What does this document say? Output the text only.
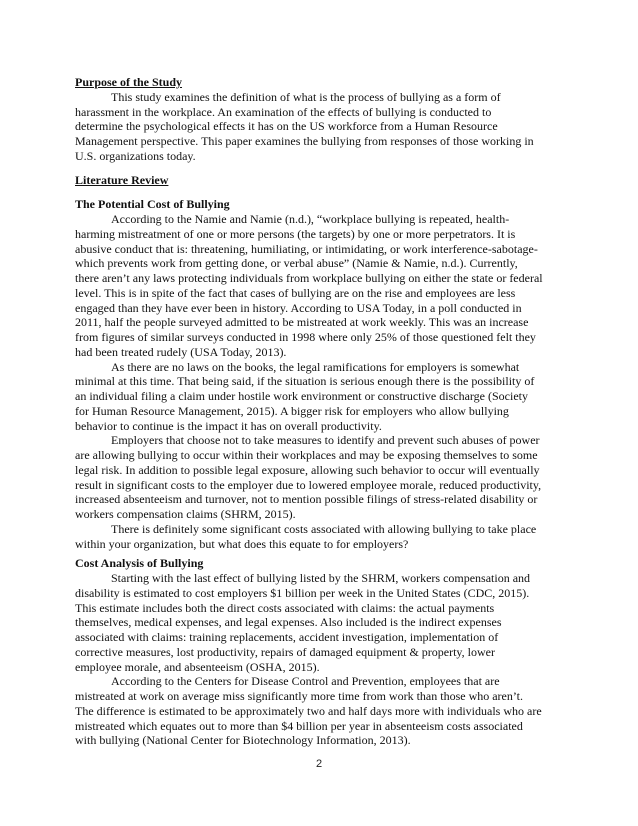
Purpose of the Study
This study examines the definition of what is the process of bullying as a form of
harassment in the workplace. An examination of the effects of bullying is conducted to
determine the psychological effects it has on the US workforce from a Human Resource
Management perspective. This paper examines the bullying from responses of those working in
U.S. organizations today.
Literature Review
The Potential Cost of Bullying
According to the Namie and Namie (n.d.), “workplace bullying is repeated, health-
harming mistreatment of one or more persons (the targets) by one or more perpetrators. It is
abusive conduct that is: threatening, humiliating, or intimidating, or work interference-sabotage-
which prevents work from getting done, or verbal abuse” (Namie & Namie, n.d.). Currently,
there aren’t any laws protecting individuals from workplace bullying on either the state or federal
level. This is in spite of the fact that cases of bullying are on the rise and employees are less
engaged than they have ever been in history. According to USA Today, in a poll conducted in
2011, half the people surveyed admitted to be mistreated at work weekly. This was an increase
from figures of similar surveys conducted in 1998 where only 25% of those questioned felt they
had been treated rudely (USA Today, 2013).
As there are no laws on the books, the legal ramifications for employers is somewhat
minimal at this time. That being said, if the situation is serious enough there is the possibility of
an individual filing a claim under hostile work environment or constructive discharge (Society
for Human Resource Management, 2015). A bigger risk for employers who allow bullying
behavior to continue is the impact it has on overall productivity.
Employers that choose not to take measures to identify and prevent such abuses of power
are allowing bullying to occur within their workplaces and may be exposing themselves to some
legal risk. In addition to possible legal exposure, allowing such behavior to occur will eventually
result in significant costs to the employer due to lowered employee morale, reduced productivity,
increased absenteeism and turnover, not to mention possible filings of stress-related disability or
workers compensation claims (SHRM, 2015).
There is definitely some significant costs associated with allowing bullying to take place
within your organization, but what does this equate to for employers?
Cost Analysis of Bullying
Starting with the last effect of bullying listed by the SHRM, workers compensation and
disability is estimated to cost employers $1 billion per week in the United States (CDC, 2015).
This estimate includes both the direct costs associated with claims: the actual payments
themselves, medical expenses, and legal expenses. Also included is the indirect expenses
associated with claims: training replacements, accident investigation, implementation of
corrective measures, lost productivity, repairs of damaged equipment & property, lower
employee morale, and absenteeism (OSHA, 2015).
According to the Centers for Disease Control and Prevention, employees that are
mistreated at work on average miss significantly more time from work than those who aren’t.
The difference is estimated to be approximately two and half days more with individuals who are
mistreated which equates out to more than $4 billion per year in absenteeism costs associated
with bullying (National Center for Biotechnology Information, 2013).
2
